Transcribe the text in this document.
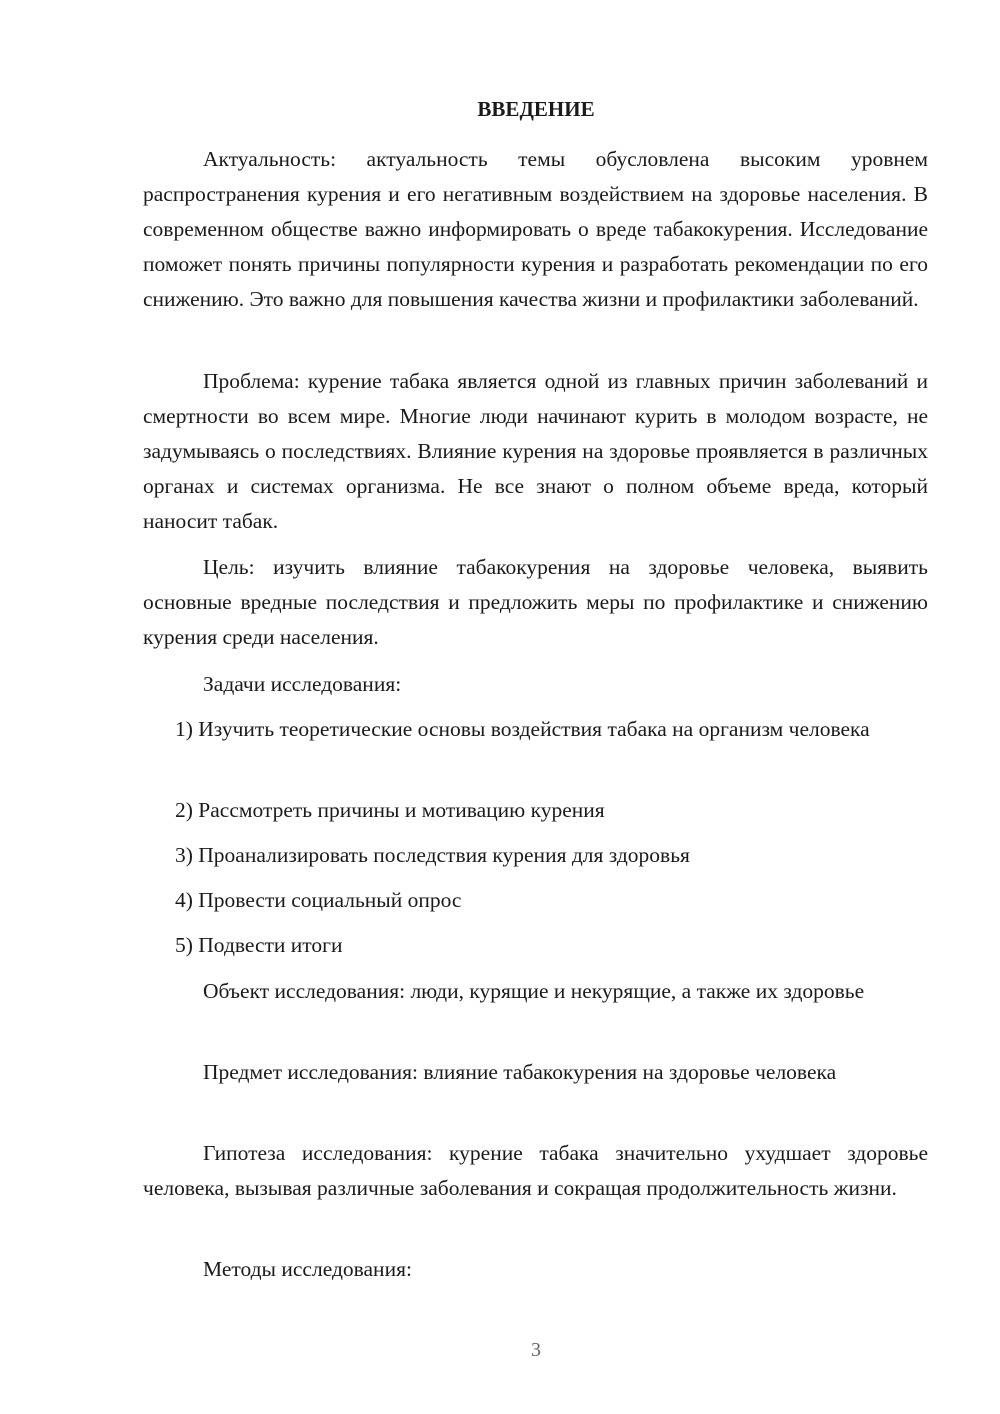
ВВЕДЕНИЕ

Актуальность: актуальность темы обусловлена высоким уровнем распространения курения и его негативным воздействием на здоровье населения. В современном обществе важно информировать о вреде табакокурения. Исследование поможет понять причины популярности курения и разработать рекомендации по его снижению. Это важно для повышения качества жизни и профилактики заболеваний.

Проблема: курение табака является одной из главных причин заболеваний и смертности во всем мире. Многие люди начинают курить в молодом возрасте, не задумываясь о последствиях. Влияние курения на здоровье проявляется в различных органах и системах организма. Не все знают о полном объеме вреда, который наносит табак.

Цель: изучить влияние табакокурения на здоровье человека, выявить основные вредные последствия и предложить меры по профилактике и снижению курения среди населения.

Задачи исследования:

1) Изучить теоретические основы воздействия табака на организм человека

2) Рассмотреть причины и мотивацию курения

3) Проанализировать последствия курения для здоровья

4) Провести социальный опрос

5) Подвести итоги

Объект исследования: люди, курящие и некурящие, а также их здоровье

Предмет исследования: влияние табакокурения на здоровье человека

Гипотеза исследования: курение табака значительно ухудшает здоровье человека, вызывая различные заболевания и сокращая продолжительность жизни.

Методы исследования:

3
